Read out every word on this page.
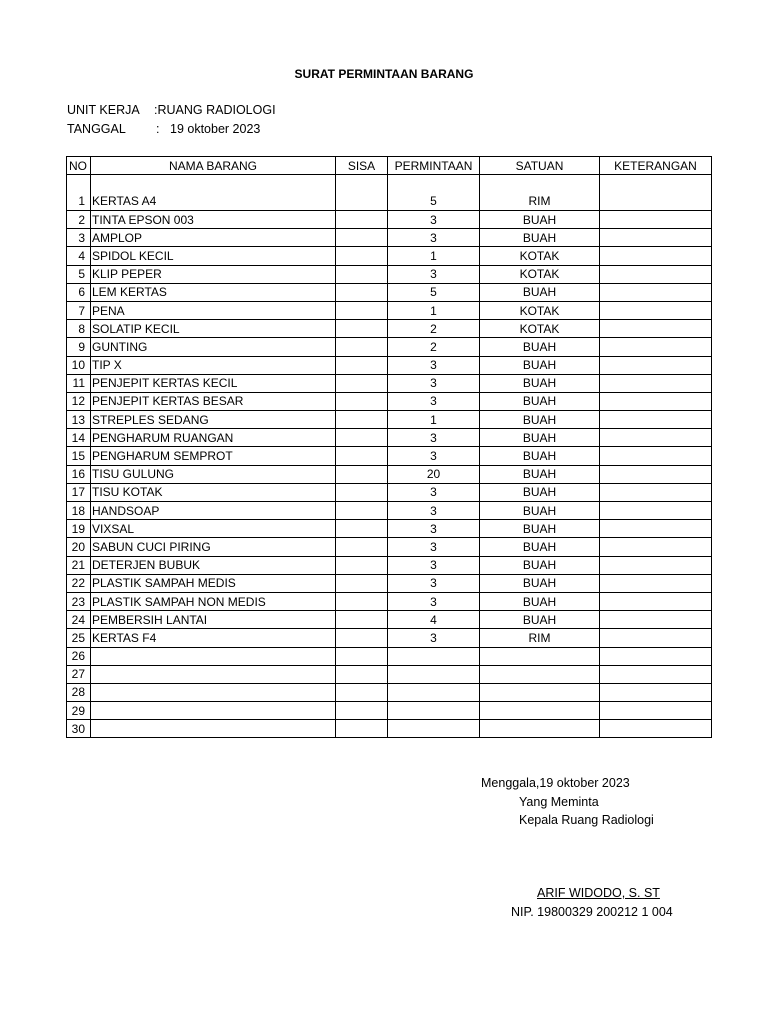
SURAT PERMINTAAN BARANG
UNIT KERJA :RUANG RADIOLOGI
TANGGAL : 19 oktober 2023
NO	NAMA BARANG	SISA	PERMINTAAN	SATUAN	KETERANGAN
1	KERTAS A4		5	RIM	
2	TINTA EPSON 003		3	BUAH	
3	AMPLOP		3	BUAH	
4	SPIDOL KECIL		1	KOTAK	
5	KLIP PEPER		3	KOTAK	
6	LEM KERTAS		5	BUAH	
7	PENA		1	KOTAK	
8	SOLATIP KECIL		2	KOTAK	
9	GUNTING		2	BUAH	
10	TIP X		3	BUAH	
11	PENJEPIT KERTAS KECIL		3	BUAH	
12	PENJEPIT KERTAS BESAR		3	BUAH	
13	STREPLES SEDANG		1	BUAH	
14	PENGHARUM RUANGAN		3	BUAH	
15	PENGHARUM SEMPROT		3	BUAH	
16	TISU GULUNG		20	BUAH	
17	TISU KOTAK		3	BUAH	
18	HANDSOAP		3	BUAH	
19	VIXSAL		3	BUAH	
20	SABUN CUCI PIRING		3	BUAH	
21	DETERJEN BUBUK		3	BUAH	
22	PLASTIK SAMPAH MEDIS		3	BUAH	
23	PLASTIK SAMPAH NON MEDIS		3	BUAH	
24	PEMBERSIH LANTAI		4	BUAH	
25	KERTAS F4		3	RIM	
26					
27					
28					
29					
30					
Menggala,19 oktober 2023
Yang Meminta
Kepala Ruang Radiologi
ARIF WIDODO, S. ST
NIP. 19800329 200212 1 004
